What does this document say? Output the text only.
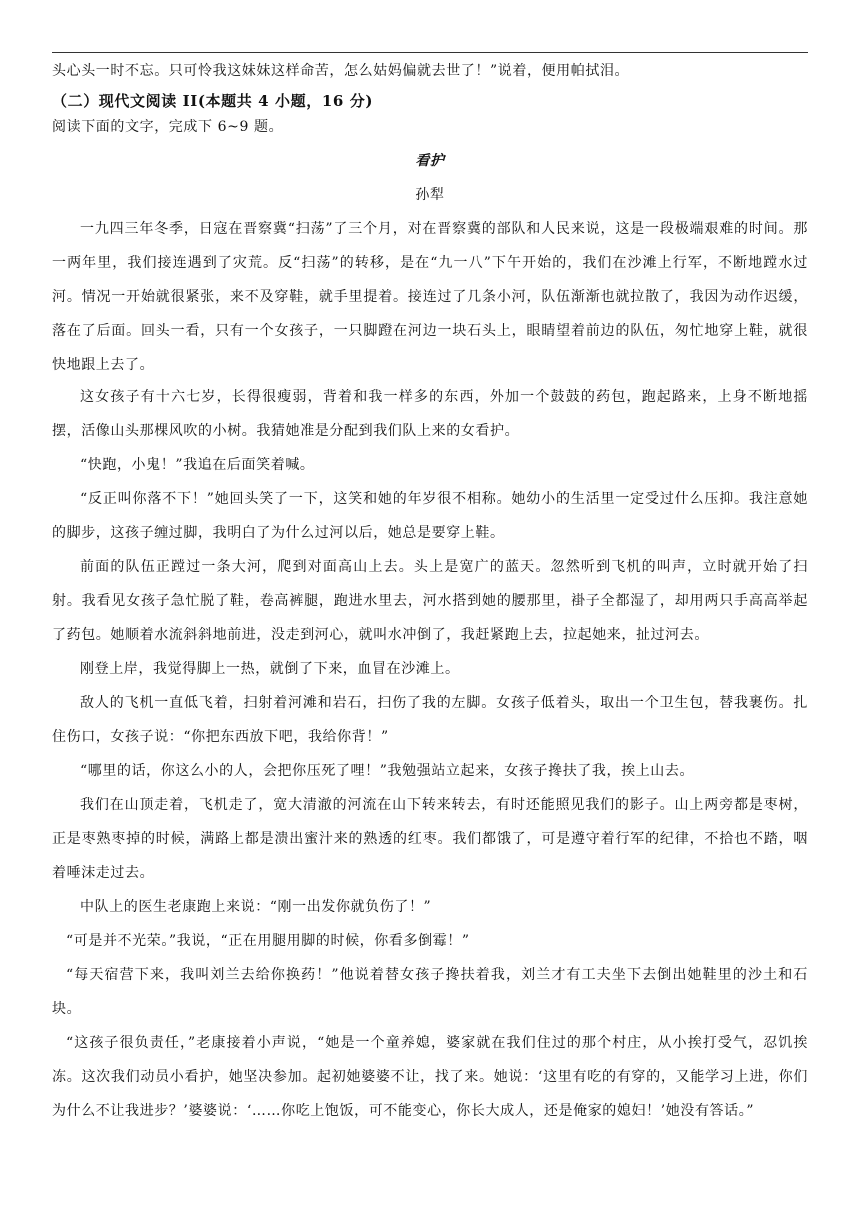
头心头一时不忘。只可怜我这妹妹这样命苦，怎么姑妈偏就去世了！”说着，便用帕拭泪。

（二）现代文阅读 II(本题共 4 小题，16 分)

阅读下面的文字，完成下 6~9 题。

看护

孙犁

一九四三年冬季，日寇在晋察冀“扫荡”了三个月，对在晋察冀的部队和人民来说，这是一段极端艰难的时间。那一两年里，我们接连遇到了灾荒。反“扫荡”的转移，是在“九一八”下午开始的，我们在沙滩上行军，不断地蹚水过河。情况一开始就很紧张，来不及穿鞋，就手里提着。接连过了几条小河，队伍渐渐也就拉散了，我因为动作迟缓，落在了后面。回头一看，只有一个女孩子，一只脚蹬在河边一块石头上，眼睛望着前边的队伍，匆忙地穿上鞋，就很快地跟上去了。

这女孩子有十六七岁，长得很瘦弱，背着和我一样多的东西，外加一个鼓鼓的药包，跑起路来，上身不断地摇摆，活像山头那棵风吹的小树。我猜她准是分配到我们队上来的女看护。

“快跑，小鬼！”我追在后面笑着喊。

“反正叫你落不下！”她回头笑了一下，这笑和她的年岁很不相称。她幼小的生活里一定受过什么压抑。我注意她的脚步，这孩子缠过脚，我明白了为什么过河以后，她总是要穿上鞋。

前面的队伍正蹚过一条大河，爬到对面高山上去。头上是宽广的蓝天。忽然听到飞机的叫声，立时就开始了扫射。我看见女孩子急忙脱了鞋，卷高裤腿，跑进水里去，河水搭到她的腰那里，褂子全都湿了，却用两只手高高举起了药包。她顺着水流斜斜地前进，没走到河心，就叫水冲倒了，我赶紧跑上去，拉起她来，扯过河去。

刚登上岸，我觉得脚上一热，就倒了下来，血冒在沙滩上。

敌人的飞机一直低飞着，扫射着河滩和岩石，扫伤了我的左脚。女孩子低着头，取出一个卫生包，替我裹伤。扎住伤口，女孩子说：“你把东西放下吧，我给你背！”

“哪里的话，你这么小的人，会把你压死了哩！”我勉强站立起来，女孩子搀扶了我，挨上山去。

我们在山顶走着，飞机走了，宽大清澈的河流在山下转来转去，有时还能照见我们的影子。山上两旁都是枣树，正是枣熟枣掉的时候，满路上都是溃出蜜汁来的熟透的红枣。我们都饿了，可是遵守着行军的纪律，不拾也不踏，咽着唾沫走过去。

中队上的医生老康跑上来说：“刚一出发你就负伤了！”

“可是并不光荣。”我说，“正在用腿用脚的时候，你看多倒霉！”

“每天宿营下来，我叫刘兰去给你换药！”他说着替女孩子搀扶着我，刘兰才有工夫坐下去倒出她鞋里的沙土和石块。

“这孩子很负责任，”老康接着小声说，“她是一个童养媳，婆家就在我们住过的那个村庄，从小挨打受气，忍饥挨冻。这次我们动员小看护，她坚决参加。起初她婆婆不让，找了来。她说：‘这里有吃的有穿的，又能学习上进，你们为什么不让我进步？’婆婆说：‘……你吃上饱饭，可不能变心，你长大成人，还是俺家的媳妇！’她没有答话。”
